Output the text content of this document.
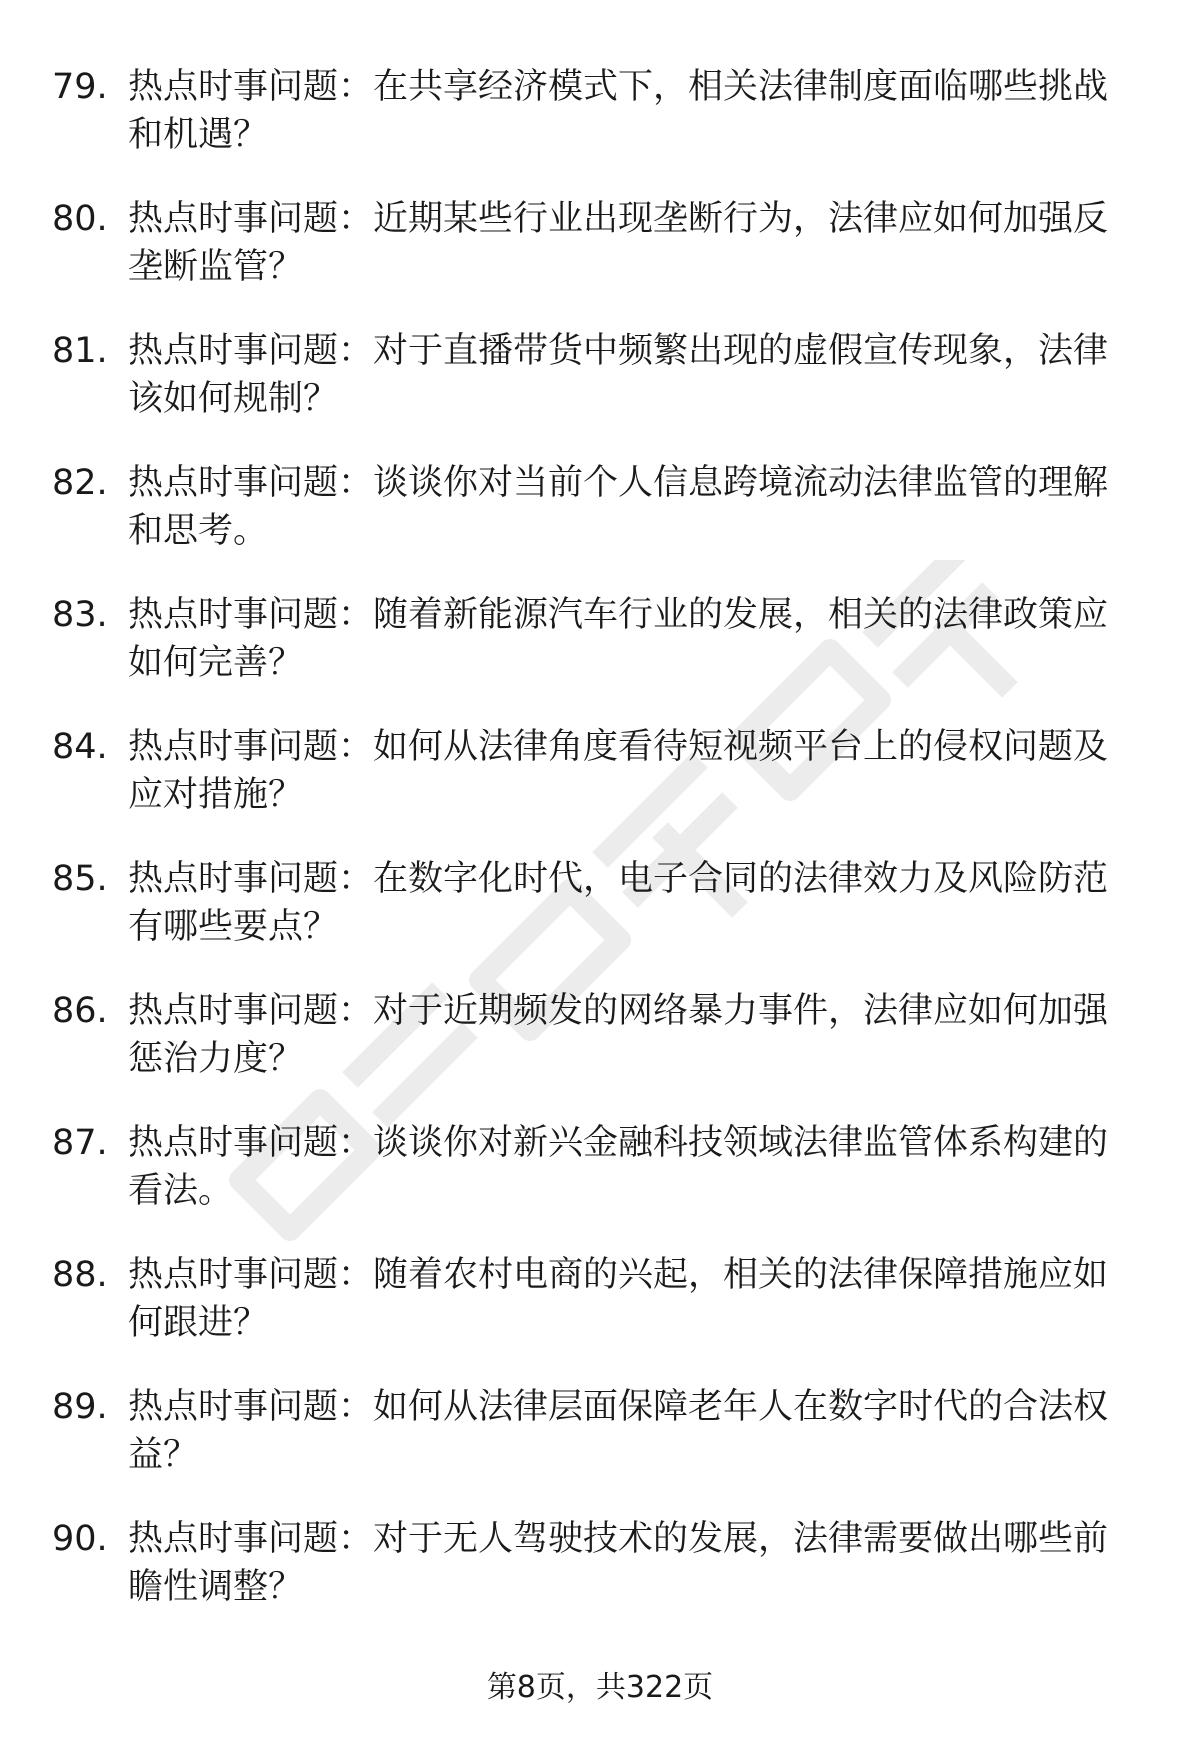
79. 热点时事问题：在共享经济模式下，相关法律制度面临哪些挑战和机遇？
80. 热点时事问题：近期某些行业出现垄断行为，法律应如何加强反垄断监管？
81. 热点时事问题：对于直播带货中频繁出现的虚假宣传现象，法律该如何规制？
82. 热点时事问题：谈谈你对当前个人信息跨境流动法律监管的理解和思考。
83. 热点时事问题：随着新能源汽车行业的发展，相关的法律政策应如何完善？
84. 热点时事问题：如何从法律角度看待短视频平台上的侵权问题及应对措施？
85. 热点时事问题：在数字化时代，电子合同的法律效力及风险防范有哪些要点？
86. 热点时事问题：对于近期频发的网络暴力事件，法律应如何加强惩治力度？
87. 热点时事问题：谈谈你对新兴金融科技领域法律监管体系构建的看法。
88. 热点时事问题：随着农村电商的兴起，相关的法律保障措施应如何跟进？
89. 热点时事问题：如何从法律层面保障老年人在数字时代的合法权益？
90. 热点时事问题：对于无人驾驶技术的发展，法律需要做出哪些前瞻性调整？
第8页，共322页
